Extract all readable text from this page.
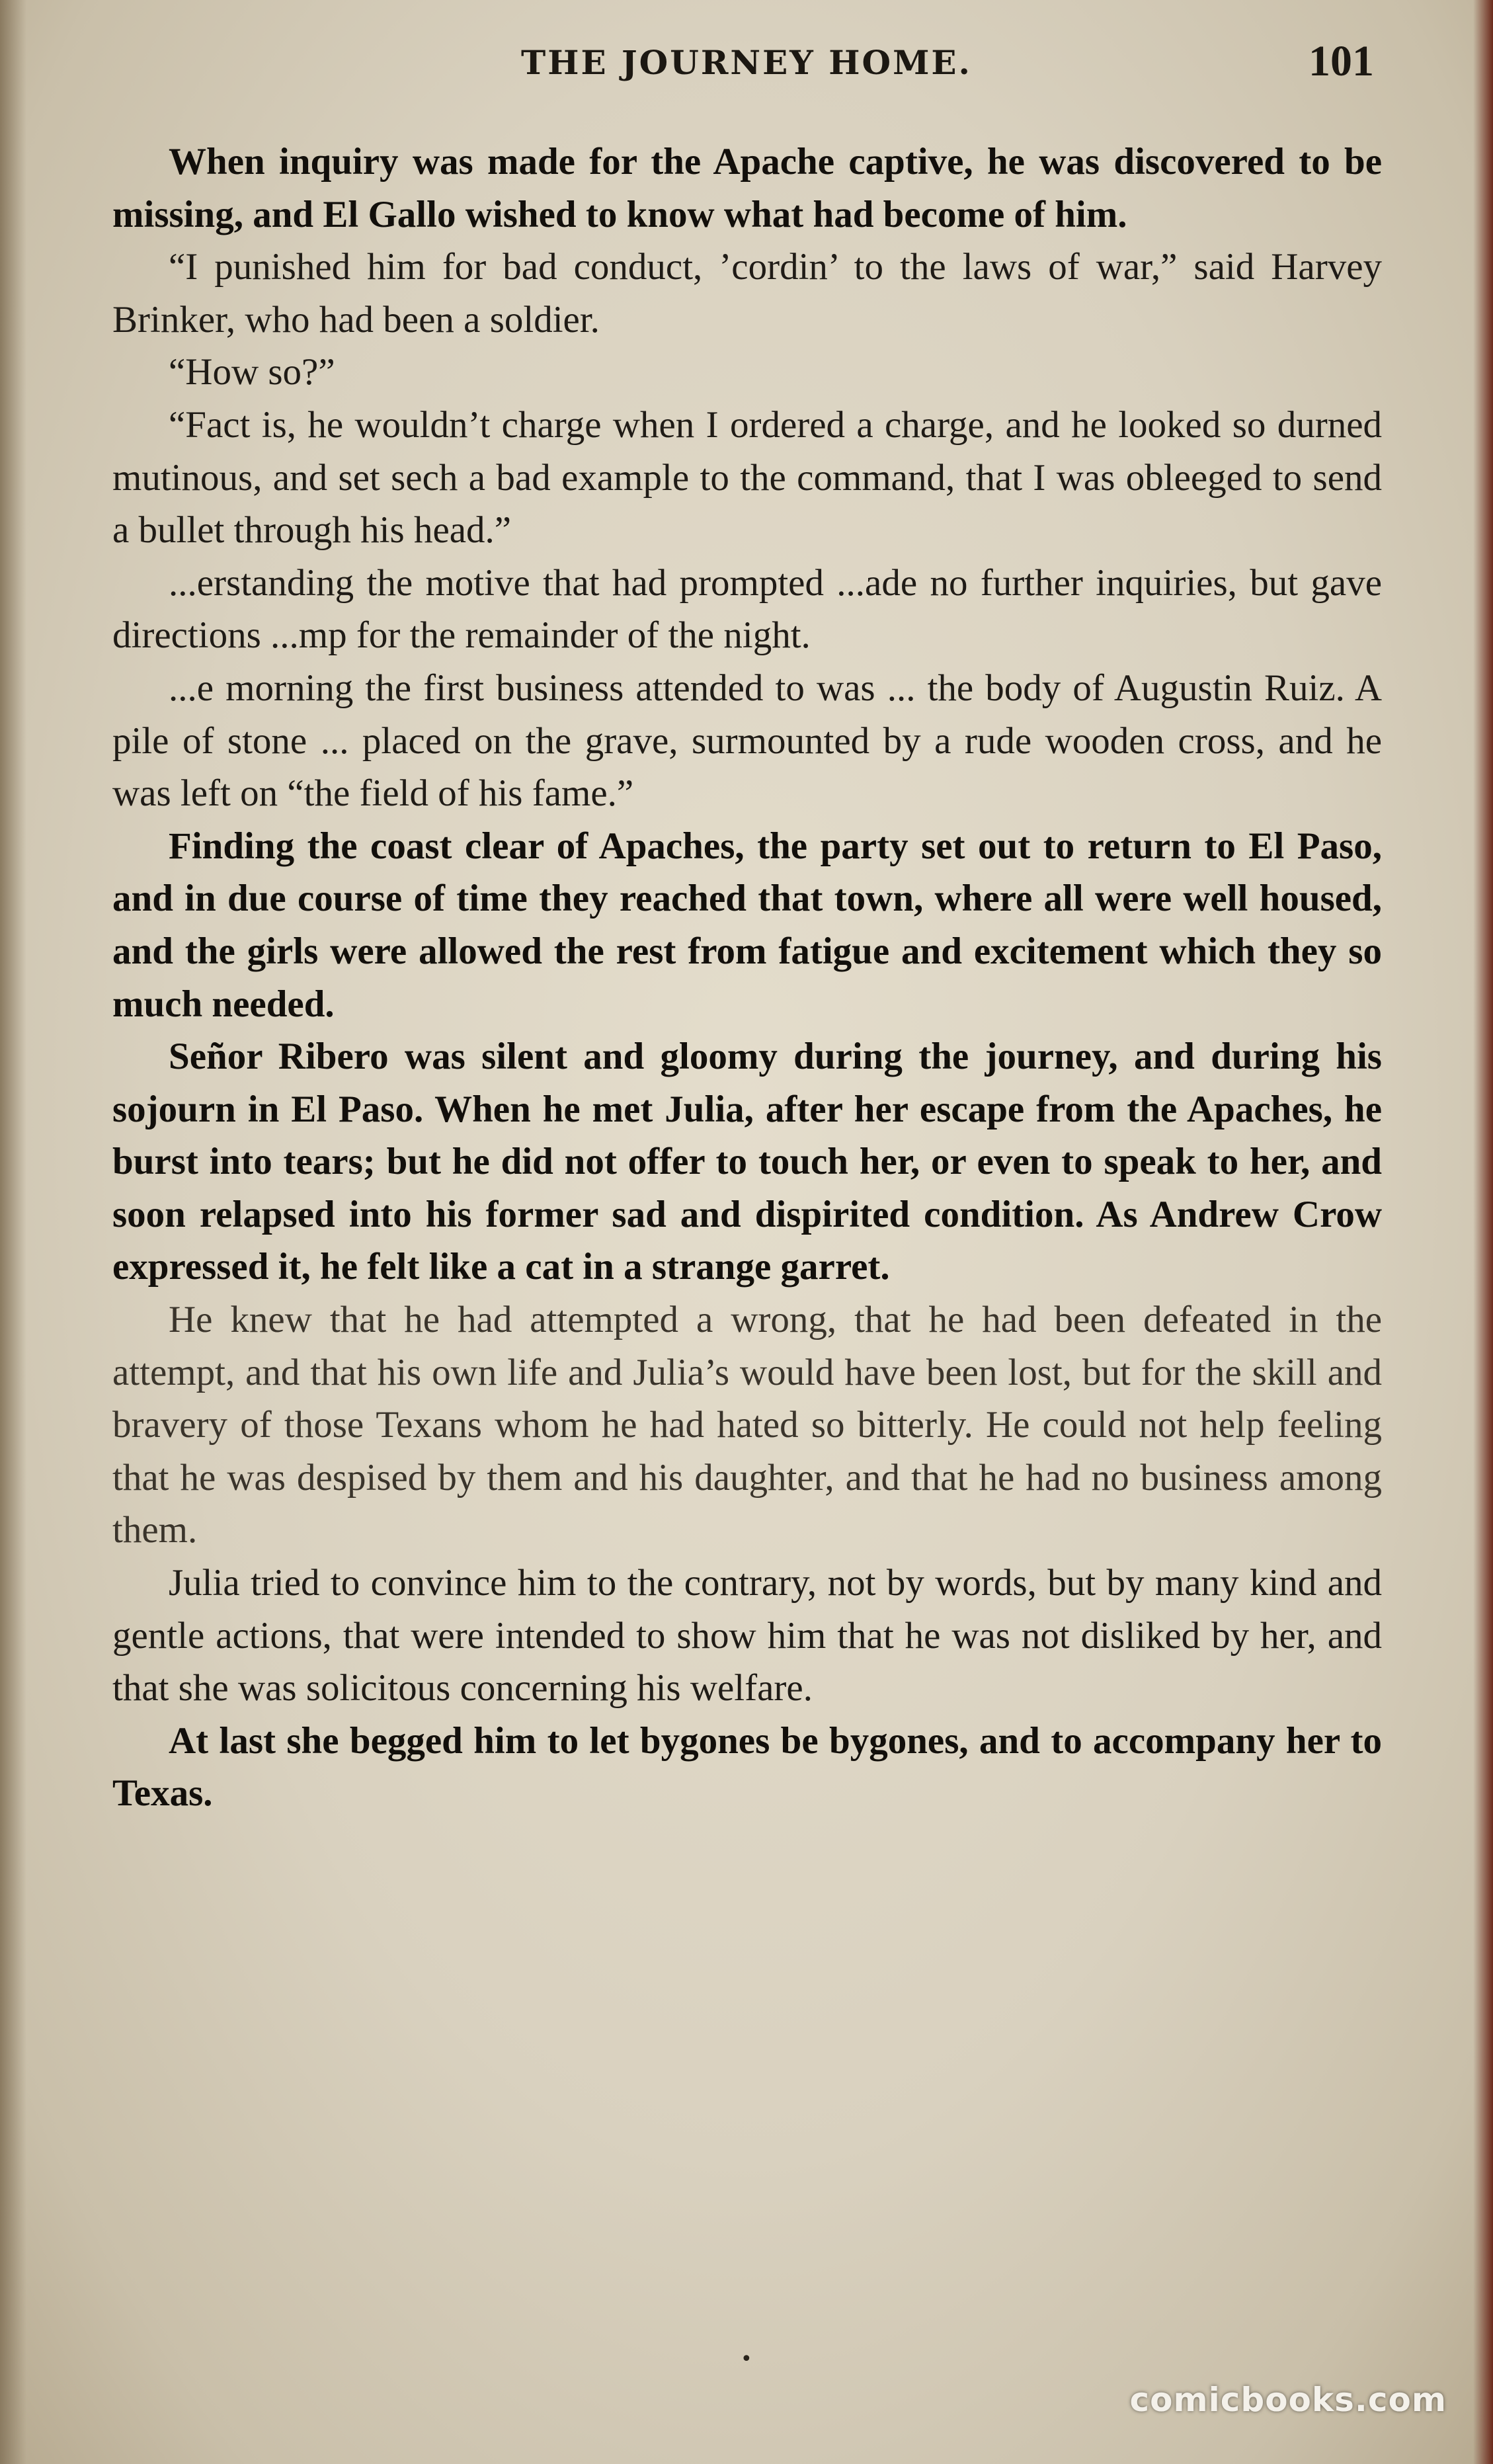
THE JOURNEY HOME.	101

When inquiry was made for the Apache captive, he was discovered to be missing, and El Gallo wished to know what had become of him.

“I punished him for bad conduct, ’cordin’ to the laws of war,” said Harvey Brinker, who had been a soldier.

“How so?”

“Fact is, he wouldn’t charge when I ordered a charge, and he looked so durned mutinous, and set sech a bad example to the command, that I was obleeged to send a bullet through his head.”

...erstanding the motive that had prompted ...ade no further inquiries, but gave directions ...mp for the remainder of the night.

...e morning the first business attended to was ... the body of Augustin Ruiz. A pile of stone ... placed on the grave, surmounted by a rude wooden cross, and he was left on “the field of his fame.”

Finding the coast clear of Apaches, the party set out to return to El Paso, and in due course of time they reached that town, where all were well housed, and the girls were allowed the rest from fatigue and excitement which they so much needed.

Señor Ribero was silent and gloomy during the journey, and during his sojourn in El Paso. When he met Julia, after her escape from the Apaches, he burst into tears; but he did not offer to touch her, or even to speak to her, and soon relapsed into his former sad and dispirited condition. As Andrew Crow expressed it, he felt like a cat in a strange garret.

He knew that he had attempted a wrong, that he had been defeated in the attempt, and that his own life and Julia’s would have been lost, but for the skill and bravery of those Texans whom he had hated so bitterly. He could not help feeling that he was despised by them and his daughter, and that he had no business among them.

Julia tried to convince him to the contrary, not by words, but by many kind and gentle actions, that were intended to show him that he was not disliked by her, and that she was solicitous concerning his welfare.

At last she begged him to let bygones be bygones, and to accompany her to Texas.

•
comicbooks.com
